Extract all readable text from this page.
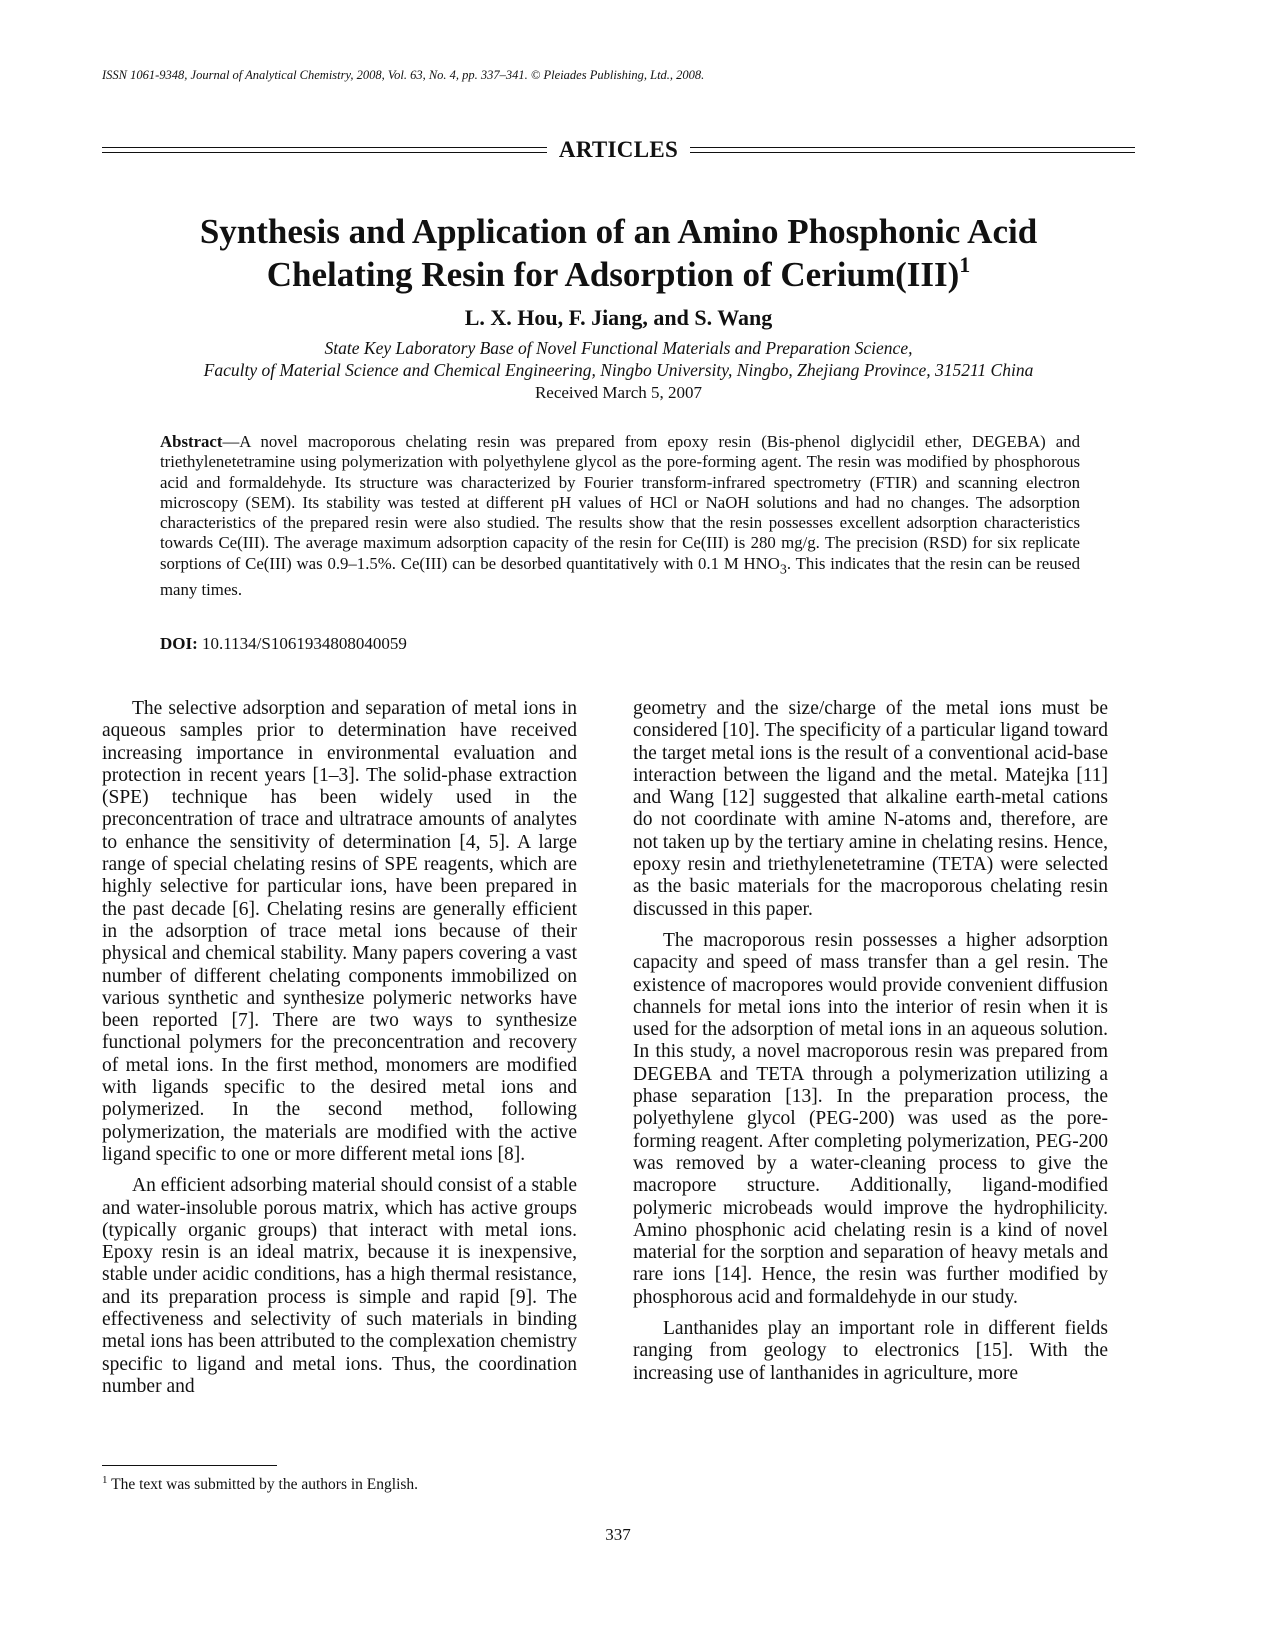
ISSN 1061-9348, Journal of Analytical Chemistry, 2008, Vol. 63, No. 4, pp. 337–341. © Pleiades Publishing, Ltd., 2008.
ARTICLES
Synthesis and Application of an Amino Phosphonic Acid
Chelating Resin for Adsorption of Cerium(III)$^1$
L. X. Hou, F. Jiang, and S. Wang
State Key Laboratory Base of Novel Functional Materials and Preparation Science,
Faculty of Material Science and Chemical Engineering, Ningbo University, Ningbo, Zhejiang Province, 315211 China
Received March 5, 2007
Abstract—A novel macroporous chelating resin was prepared from epoxy resin (Bis-phenol diglycidil ether, DEGEBA) and triethylenetetramine using polymerization with polyethylene glycol as the pore-forming agent. The resin was modified by phosphorous acid and formaldehyde. Its structure was characterized by Fourier transform-infrared spectrometry (FTIR) and scanning electron microscopy (SEM). Its stability was tested at different pH values of HCl or NaOH solutions and had no changes. The adsorption characteristics of the prepared resin were also studied. The results show that the resin possesses excellent adsorption characteristics towards Ce(III). The average maximum adsorption capacity of the resin for Ce(III) is 280 mg/g. The precision (RSD) for six replicate sorptions of Ce(III) was 0.9–1.5%. Ce(III) can be desorbed quantitatively with 0.1 M $HNO_3$. This indicates that the resin can be reused many times.
DOI: 10.1134/S1061934808040059

The selective adsorption and separation of metal ions in aqueous samples prior to determination have received increasing importance in environmental evaluation and protection in recent years [1–3]. The solid-phase extraction (SPE) technique has been widely used in the preconcentration of trace and ultratrace amounts of analytes to enhance the sensitivity of determination [4, 5]. A large range of special chelating resins of SPE reagents, which are highly selective for particular ions, have been prepared in the past decade [6]. Chelating resins are generally efficient in the adsorption of trace metal ions because of their physical and chemical stability. Many papers covering a vast number of different chelating components immobilized on various synthetic and synthesize polymeric networks have been reported [7]. There are two ways to synthesize functional polymers for the preconcentration and recovery of metal ions. In the first method, monomers are modified with ligands specific to the desired metal ions and polymerized. In the second method, following polymerization, the materials are modified with the active ligand specific to one or more different metal ions [8].

An efficient adsorbing material should consist of a stable and water-insoluble porous matrix, which has active groups (typically organic groups) that interact with metal ions. Epoxy resin is an ideal matrix, because it is inexpensive, stable under acidic conditions, has a high thermal resistance, and its preparation process is simple and rapid [9]. The effectiveness and selectivity of such materials in binding metal ions has been attributed to the complexation chemistry specific to ligand and metal ions. Thus, the coordination number and

geometry and the size/charge of the metal ions must be considered [10]. The specificity of a particular ligand toward the target metal ions is the result of a conventional acid-base interaction between the ligand and the metal. Matejka [11] and Wang [12] suggested that alkaline earth-metal cations do not coordinate with amine N-atoms and, therefore, are not taken up by the tertiary amine in chelating resins. Hence, epoxy resin and triethylenetetramine (TETA) were selected as the basic materials for the macroporous chelating resin discussed in this paper.

The macroporous resin possesses a higher adsorption capacity and speed of mass transfer than a gel resin. The existence of macropores would provide convenient diffusion channels for metal ions into the interior of resin when it is used for the adsorption of metal ions in an aqueous solution. In this study, a novel macroporous resin was prepared from DEGEBA and TETA through a polymerization utilizing a phase separation [13]. In the preparation process, the polyethylene glycol (PEG-200) was used as the pore-forming reagent. After completing polymerization, PEG-200 was removed by a water-cleaning process to give the macropore structure. Additionally, ligand-modified polymeric microbeads would improve the hydrophilicity. Amino phosphonic acid chelating resin is a kind of novel material for the sorption and separation of heavy metals and rare ions [14]. Hence, the resin was further modified by phosphorous acid and formaldehyde in our study.

Lanthanides play an important role in different fields ranging from geology to electronics [15]. With the increasing use of lanthanides in agriculture, more

$^1$ The text was submitted by the authors in English.
337
